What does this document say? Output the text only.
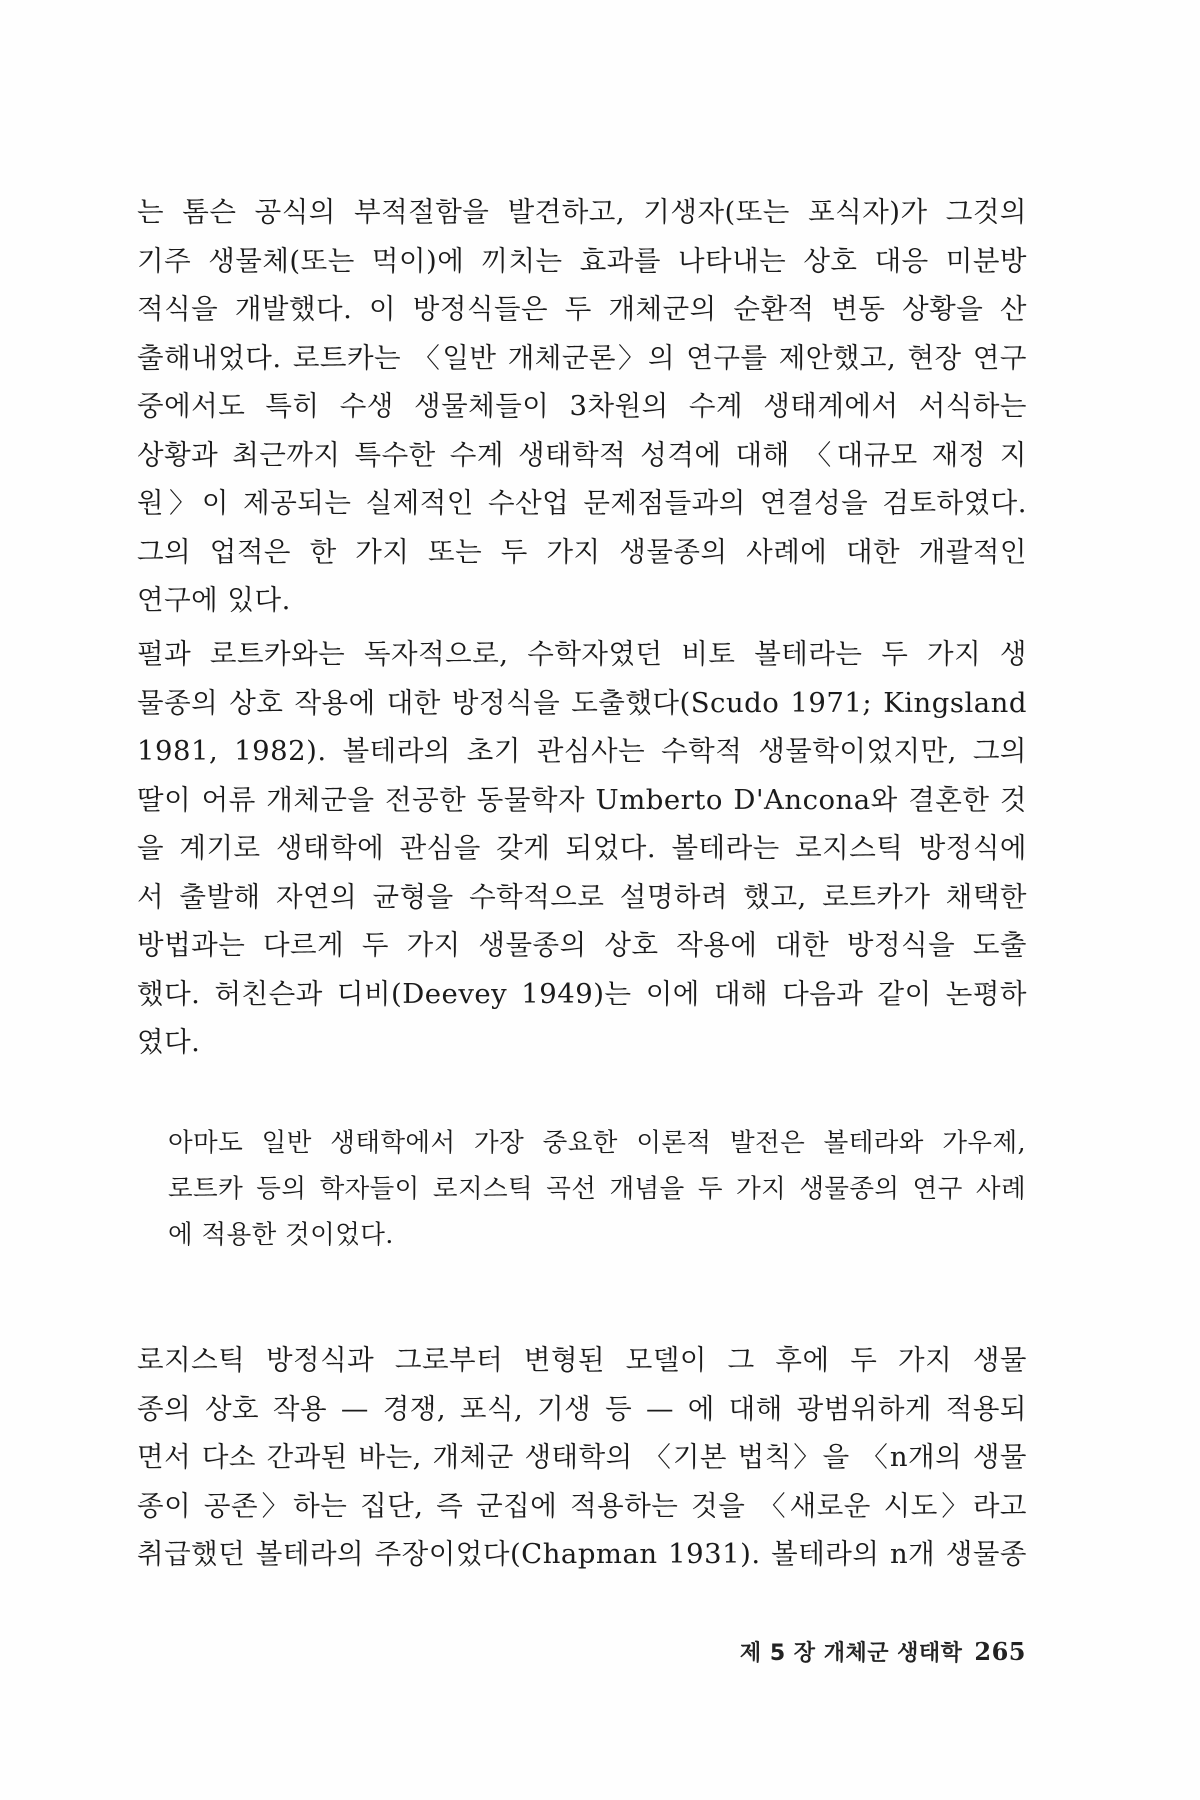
는 톰슨 공식의 부적절함을 발견하고, 기생자(또는 포식자)가 그것의
기주 생물체(또는 먹이)에 끼치는 효과를 나타내는 상호 대응 미분방
적식을 개발했다. 이 방정식들은 두 개체군의 순환적 변동 상황을 산
출해내었다. 로트카는 〈일반 개체군론〉의 연구를 제안했고, 현장 연구
중에서도 특히 수생 생물체들이 3차원의 수계 생태계에서 서식하는
상황과 최근까지 특수한 수계 생태학적 성격에 대해 〈대규모 재정 지
원〉이 제공되는 실제적인 수산업 문제점들과의 연결성을 검토하였다.
그의 업적은 한 가지 또는 두 가지 생물종의 사례에 대한 개괄적인
연구에 있다.
펄과 로트카와는 독자적으로, 수학자였던 비토 볼테라는 두 가지 생
물종의 상호 작용에 대한 방정식을 도출했다(Scudo 1971; Kingsland
1981, 1982). 볼테라의 초기 관심사는 수학적 생물학이었지만, 그의
딸이 어류 개체군을 전공한 동물학자 Umberto D'Ancona와 결혼한 것
을 계기로 생태학에 관심을 갖게 되었다. 볼테라는 로지스틱 방정식에
서 출발해 자연의 균형을 수학적으로 설명하려 했고, 로트카가 채택한
방법과는 다르게 두 가지 생물종의 상호 작용에 대한 방정식을 도출
했다. 허친슨과 디비(Deevey 1949)는 이에 대해 다음과 같이 논평하
였다.
아마도 일반 생태학에서 가장 중요한 이론적 발전은 볼테라와 가우제,
로트카 등의 학자들이 로지스틱 곡선 개념을 두 가지 생물종의 연구 사례
에 적용한 것이었다.
로지스틱 방정식과 그로부터 변형된 모델이 그 후에 두 가지 생물
종의 상호 작용 — 경쟁, 포식, 기생 등 — 에 대해 광범위하게 적용되
면서 다소 간과된 바는, 개체군 생태학의 〈기본 법칙〉을 〈n개의 생물
종이 공존〉하는 집단, 즉 군집에 적용하는 것을 〈새로운 시도〉라고
취급했던 볼테라의 주장이었다(Chapman 1931). 볼테라의 n개 생물종
제 5 장 개체군 생태학 265
